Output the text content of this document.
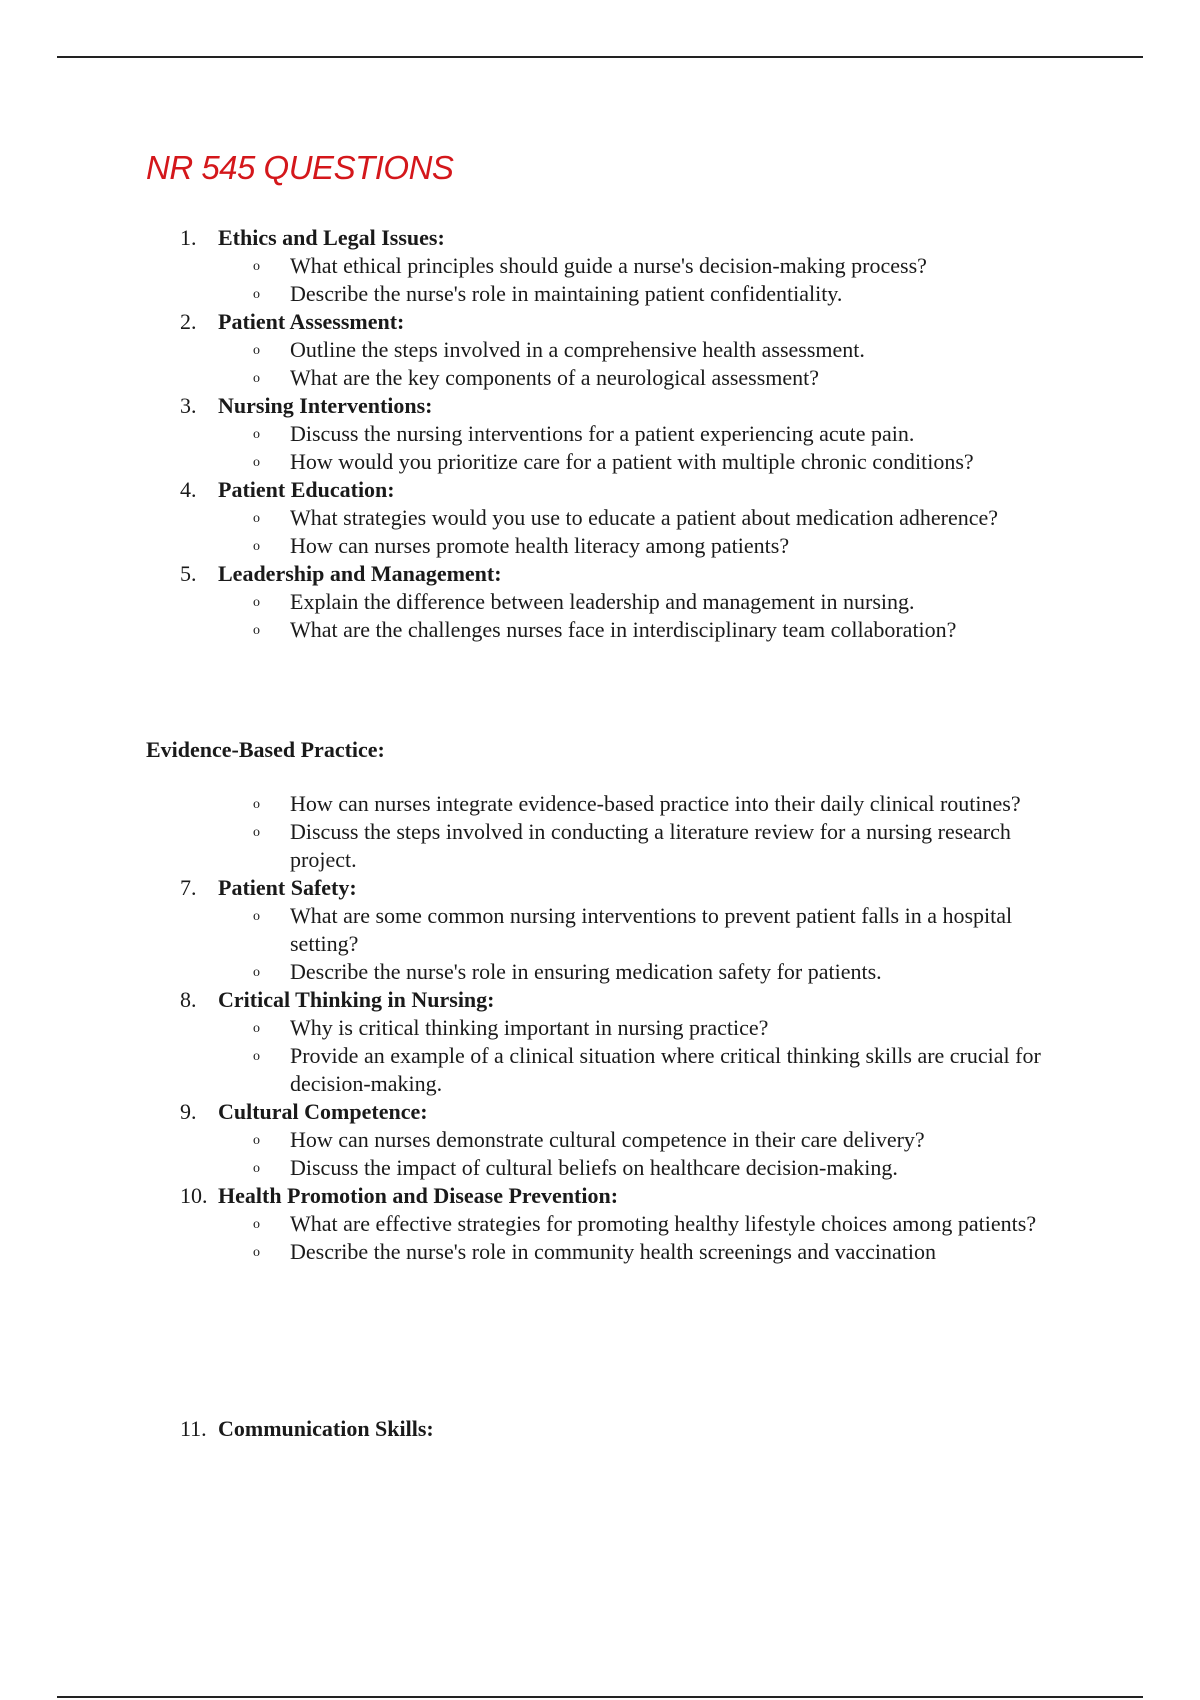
NR 545 QUESTIONS
1. Ethics and Legal Issues:
o What ethical principles should guide a nurse's decision-making process?
o Describe the nurse's role in maintaining patient confidentiality.
2. Patient Assessment:
o Outline the steps involved in a comprehensive health assessment.
o What are the key components of a neurological assessment?
3. Nursing Interventions:
o Discuss the nursing interventions for a patient experiencing acute pain.
o How would you prioritize care for a patient with multiple chronic conditions?
4. Patient Education:
o What strategies would you use to educate a patient about medication adherence?
o How can nurses promote health literacy among patients?
5. Leadership and Management:
o Explain the difference between leadership and management in nursing.
o What are the challenges nurses face in interdisciplinary team collaboration?
Evidence-Based Practice:
o How can nurses integrate evidence-based practice into their daily clinical routines?
o Discuss the steps involved in conducting a literature review for a nursing research project.
7. Patient Safety:
o What are some common nursing interventions to prevent patient falls in a hospital setting?
o Describe the nurse's role in ensuring medication safety for patients.
8. Critical Thinking in Nursing:
o Why is critical thinking important in nursing practice?
o Provide an example of a clinical situation where critical thinking skills are crucial for decision-making.
9. Cultural Competence:
o How can nurses demonstrate cultural competence in their care delivery?
o Discuss the impact of cultural beliefs on healthcare decision-making.
10. Health Promotion and Disease Prevention:
o What are effective strategies for promoting healthy lifestyle choices among patients?
o Describe the nurse's role in community health screenings and vaccination
11. Communication Skills:
